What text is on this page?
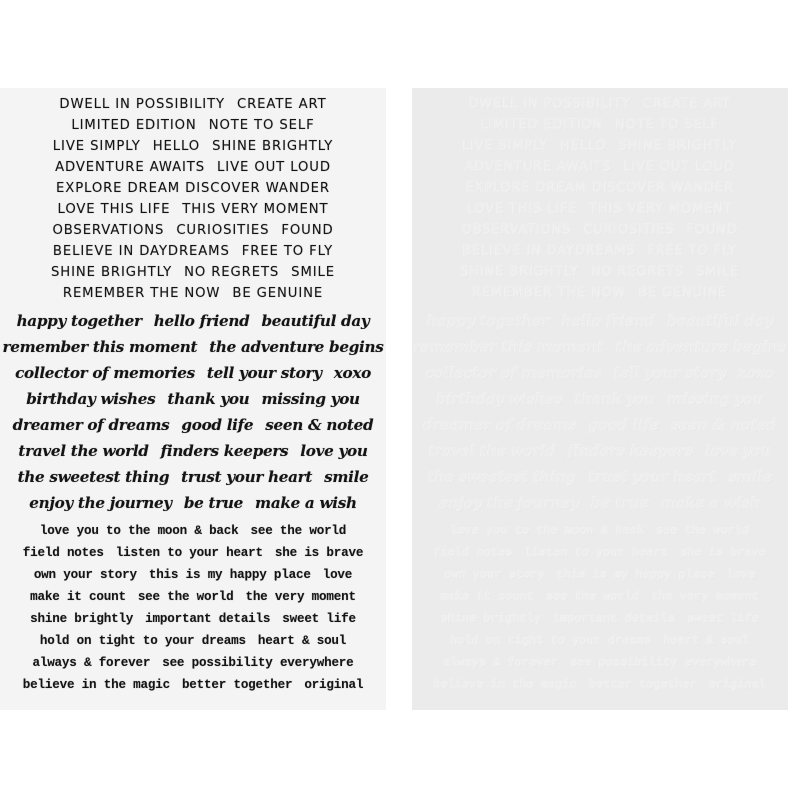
DWELL IN POSSIBILITY CREATE ART
LIMITED EDITION NOTE TO SELF
LIVE SIMPLY HELLO SHINE BRIGHTLY
ADVENTURE AWAITS LIVE OUT LOUD
EXPLORE DREAM DISCOVER WANDER
LOVE THIS LIFE THIS VERY MOMENT
OBSERVATIONS CURIOSITIES FOUND
BELIEVE IN DAYDREAMS FREE TO FLY
SHINE BRIGHTLY NO REGRETS SMILE
REMEMBER THE NOW BE GENUINE
happy together hello friend beautiful day
remember this moment the adventure begins
collector of memories tell your story xoxo
birthday wishes thank you missing you
dreamer of dreams good life seen & noted
travel the world finders keepers love you
the sweetest thing trust your heart smile
enjoy the journey be true make a wish
love you to the moon & back see the world
field notes listen to your heart she is brave
own your story this is my happy place love
make it count see the world the very moment
shine brightly important details sweet life
hold on tight to your dreams heart & soul
always & forever see possibility everywhere
believe in the magic better together original
DWELL IN POSSIBILITY CREATE ART
LIMITED EDITION NOTE TO SELF
LIVE SIMPLY HELLO SHINE BRIGHTLY
ADVENTURE AWAITS LIVE OUT LOUD
EXPLORE DREAM DISCOVER WANDER
LOVE THIS LIFE THIS VERY MOMENT
OBSERVATIONS CURIOSITIES FOUND
BELIEVE IN DAYDREAMS FREE TO FLY
SHINE BRIGHTLY NO REGRETS SMILE
REMEMBER THE NOW BE GENUINE
happy together hello friend beautiful day
remember this moment the adventure begins
collector of memories tell your story xoxo
birthday wishes thank you missing you
dreamer of dreams good life seen & noted
travel the world finders keepers love you
the sweetest thing trust your heart smile
enjoy the journey be true make a wish
love you to the moon & back see the world
field notes listen to your heart she is brave
own your story this is my happy place love
make it count see the world the very moment
shine brightly important details sweet life
hold on tight to your dreams heart & soul
always & forever see possibility everywhere
believe in the magic better together original
